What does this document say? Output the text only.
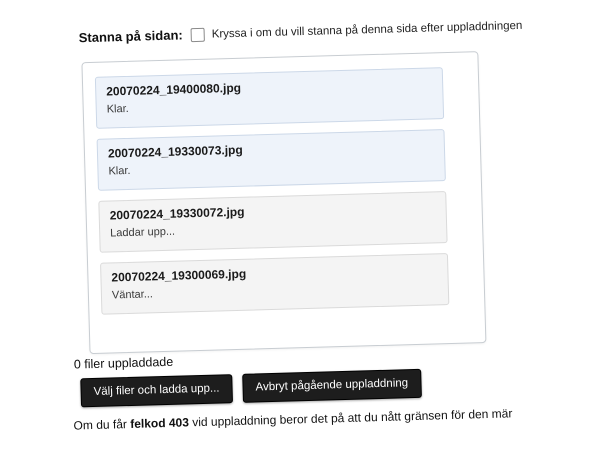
Stanna på sidan: Kryssa i om du vill stanna på denna sida efter uppladdningen
20070224_19400080.jpg
Klar.
20070224_19330073.jpg
Klar.
20070224_19330072.jpg
Laddar upp...
20070224_19300069.jpg
Väntar...
0 filer uppladdade
Välj filer och ladda upp...	Avbryt pågående uppladdning
Om du får felkod 403 vid uppladdning beror det på att du nått gränsen för den mär
